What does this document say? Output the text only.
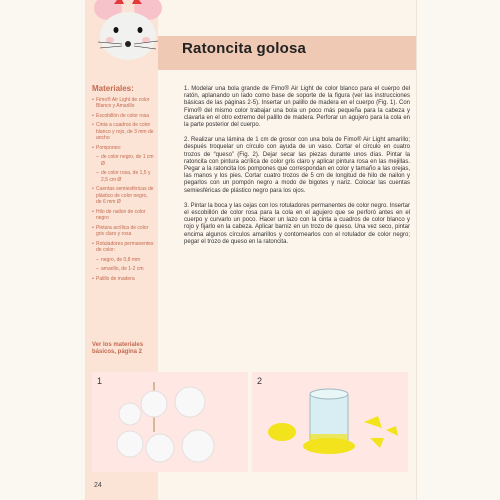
Ratoncita golosa
Materiales:
• Fimo® Air Light de color Blanco y Amarillo
• Escobillón de color rosa
• Cinta a cuadros de color blanco y rojo, de 3 mm de ancho
• Pompones:
– de color negro, de 1 cm Ø
– de color rosa, de 1,5 y 2,5 cm Ø
• Cuentas semiesféricas de plástico de color negro, de 6 mm Ø
• Hilo de nailon de color negro
• Pintura acrílica de color gris claro y rosa
• Rotuladores permanentes de color:
– negro, de 0,8 mm
– amarillo, de 1-2 cm
• Palillo de madera
Ver los materiales básicos, página 2

1. Modelar una bola grande de Fimo® Air Light de color blanco para el cuerpo del ratón, aplanando un lado como base de soporte de la figura (ver las instrucciones básicas de las páginas 2-5). Insertar un palillo de madera en el cuerpo (Fig. 1). Con Fimo® del mismo color trabajar una bola un poco más pequeña para la cabeza y clavarla en el otro extremo del palillo de madera. Perforar un agujero para la cola en la parte posterior del cuerpo.

2. Realizar una lámina de 1 cm de grosor con una bola de Fimo® Air Light amarillo; después troquelar un círculo con ayuda de un vaso. Cortar el círculo en cuatro trozos de “queso” (Fig. 2). Dejar secar las piezas durante unos días. Pintar la ratoncita con pintura acrílica de color gris claro y aplicar pintura rosa en las mejillas. Pegar a la ratoncita los pompones que correspondan en color y tamaño a las orejas, las manos y los pies. Cortar cuatro trozos de 5 cm de longitud de hilo de nailon y pegarlos con un pompón negro a modo de bigotes y nariz. Colocar las cuentas semiesféricas de plástico negro para los ojos.

3. Pintar la boca y las cejas con los rotuladores permanentes de color negro. Insertar el escobillón de color rosa para la cola en el agujero que se perforó antes en el cuerpo y curvarlo un poco. Hacer un lazo con la cinta a cuadros de color blanco y rojo y fijarlo en la cabeza. Aplicar barniz en un trozo de queso. Una vez seco, pintar encima algunos círculos amarillos y contornearlos con el rotulador de color negro; pegar el trozo de queso en la ratoncita.

1	2
24
